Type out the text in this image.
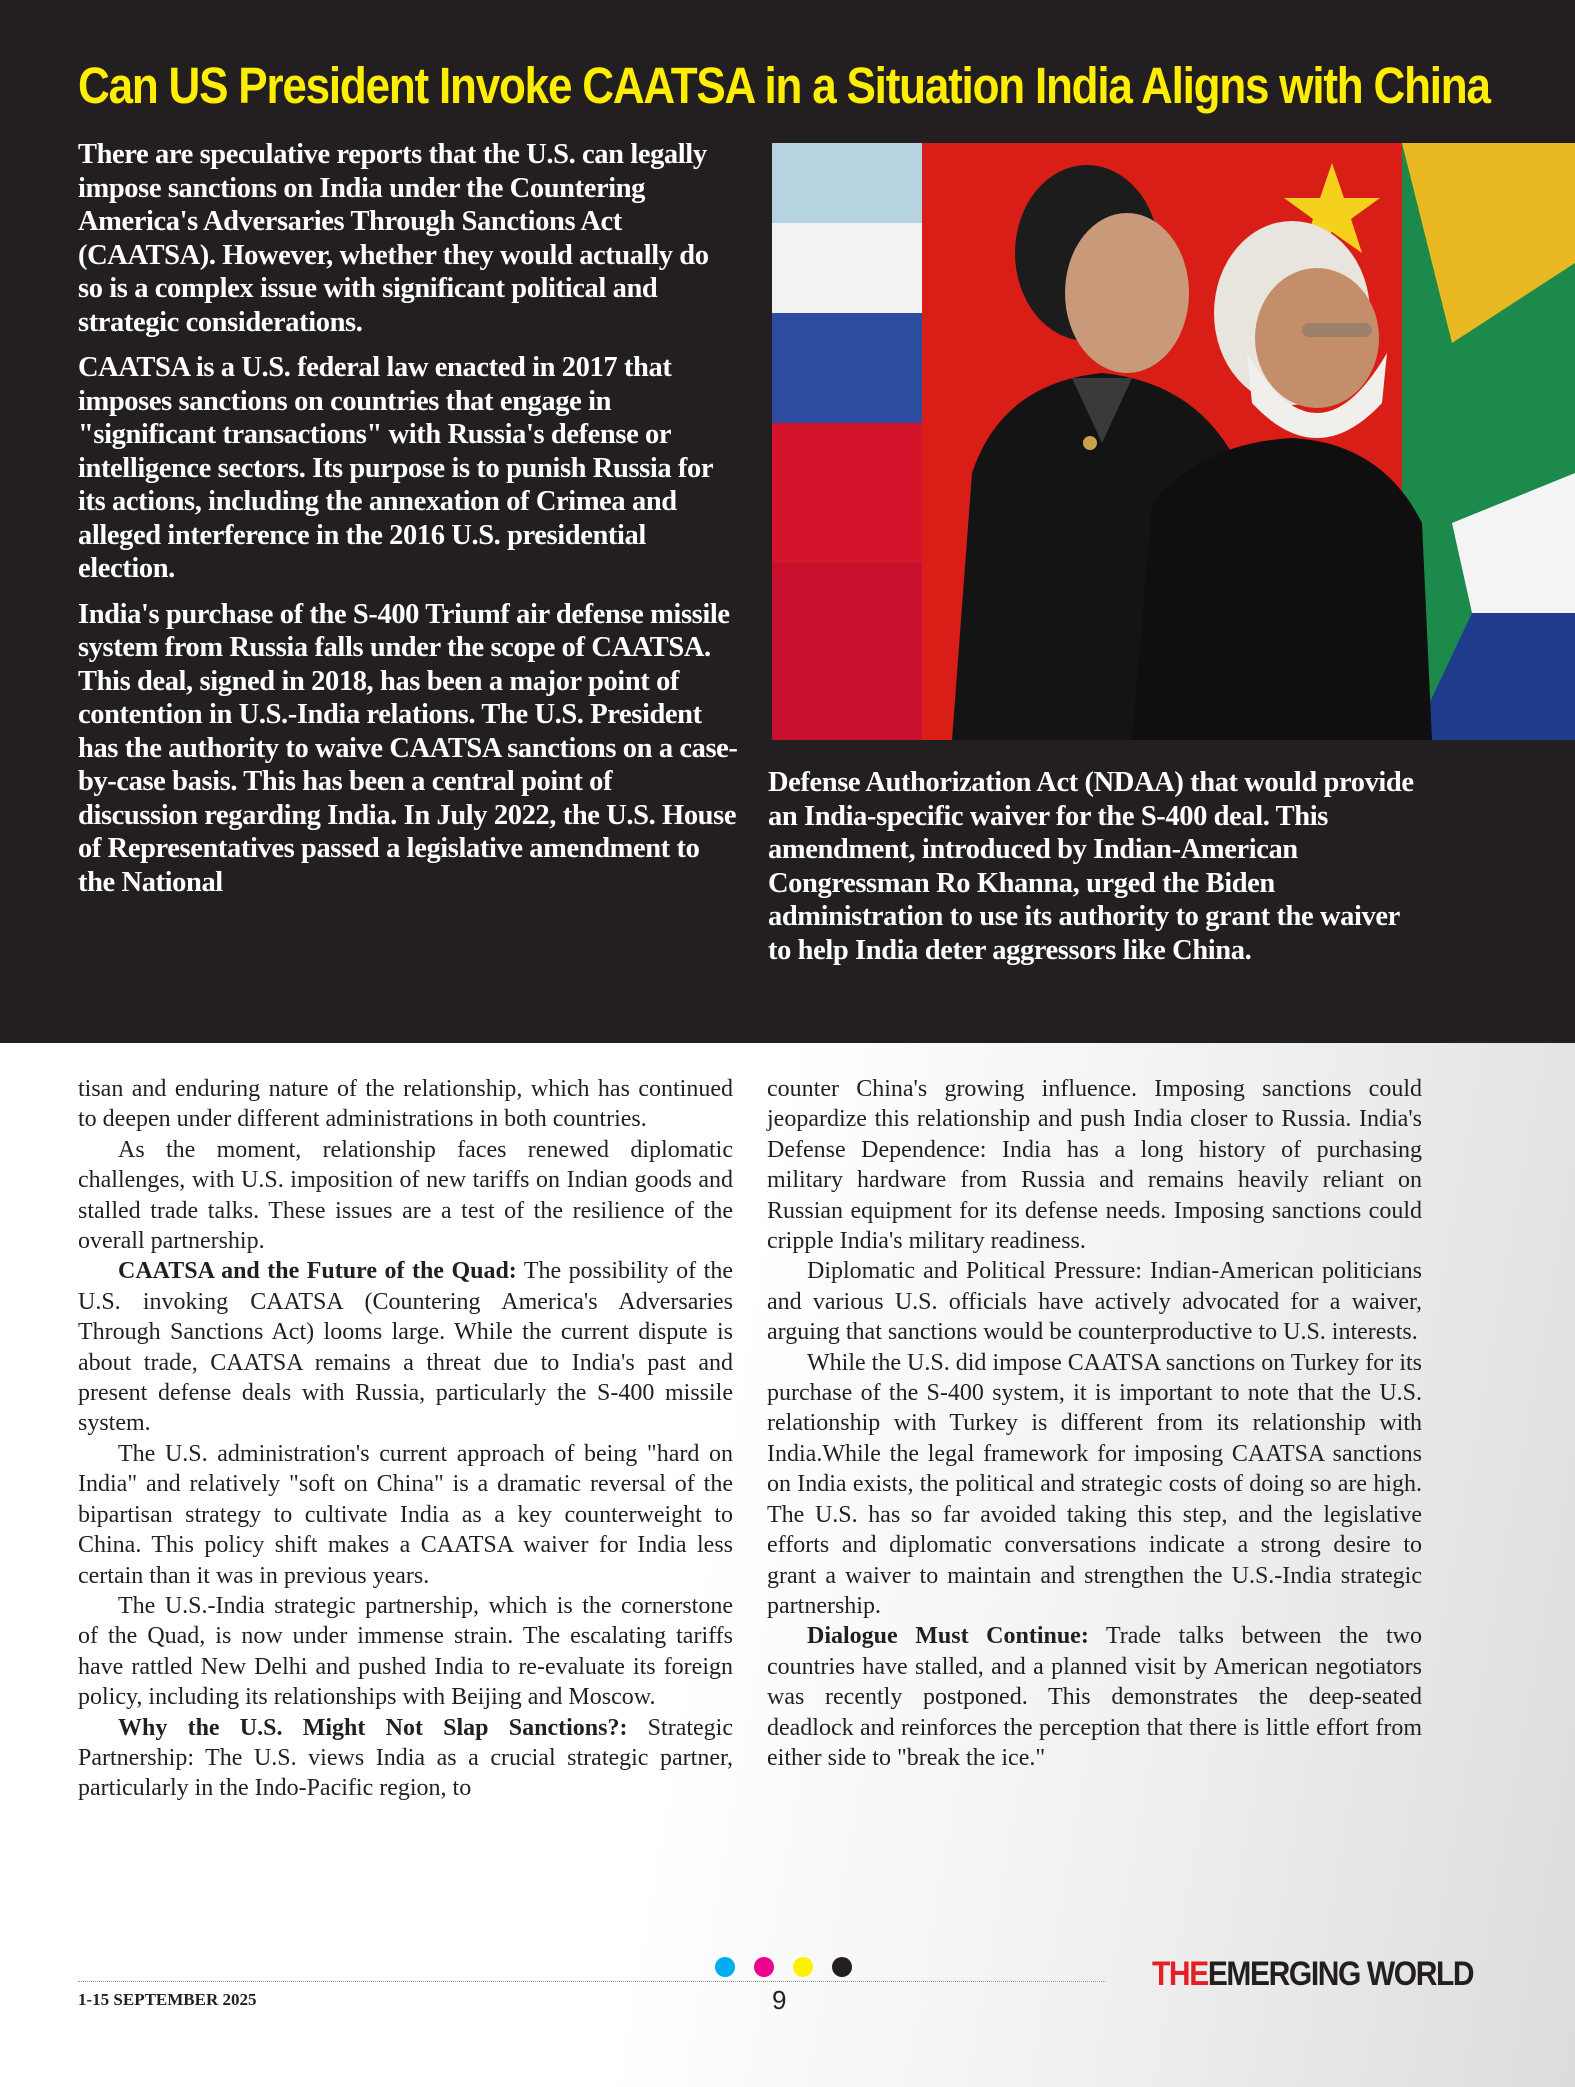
Can US President Invoke CAATSA in a Situation India Aligns with China

There are speculative reports that the U.S. can legally impose sanctions on India under the Countering America's Adversaries Through Sanctions Act (CAATSA). However, whether they would actually do so is a complex issue with significant political and strategic considerations.

CAATSA is a U.S. federal law enacted in 2017 that imposes sanctions on countries that engage in "significant transactions" with Russia's defense or intelligence sectors. Its purpose is to punish Russia for its actions, including the annexation of Crimea and alleged interference in the 2016 U.S. presidential election.

India's purchase of the S-400 Triumf air defense missile system from Russia falls under the scope of CAATSA. This deal, signed in 2018, has been a major point of contention in U.S.-India relations. The U.S. President has the authority to waive CAATSA sanctions on a case-by-case basis. This has been a central point of discussion regarding India. In July 2022, the U.S. House of Representatives passed a legislative amendment to the National

Defense Authorization Act (NDAA) that would provide an India-specific waiver for the S-400 deal. This amendment, introduced by Indian-American Congressman Ro Khanna, urged the Biden administration to use its authority to grant the waiver to help India deter aggressors like China.

tisan and enduring nature of the relationship, which has continued to deepen under different administrations in both countries.

As the moment, relationship faces renewed diplomatic challenges, with U.S. imposition of new tariffs on Indian goods and stalled trade talks. These issues are a test of the resilience of the overall partnership.

CAATSA and the Future of the Quad: The possibility of the U.S. invoking CAATSA (Countering America's Adversaries Through Sanctions Act) looms large. While the current dispute is about trade, CAATSA remains a threat due to India's past and present defense deals with Russia, particularly the S-400 missile system.

The U.S. administration's current approach of being "hard on India" and relatively "soft on China" is a dramatic reversal of the bipartisan strategy to cultivate India as a key counterweight to China. This policy shift makes a CAATSA waiver for India less certain than it was in previous years.

The U.S.-India strategic partnership, which is the cornerstone of the Quad, is now under immense strain. The escalating tariffs have rattled New Delhi and pushed India to re-evaluate its foreign policy, including its relationships with Beijing and Moscow.

Why the U.S. Might Not Slap Sanctions?: Strategic Partnership: The U.S. views India as a crucial strategic partner, particularly in the Indo-Pacific region, to

counter China's growing influence. Imposing sanctions could jeopardize this relationship and push India closer to Russia. India's Defense Dependence: India has a long history of purchasing military hardware from Russia and remains heavily reliant on Russian equipment for its defense needs. Imposing sanctions could cripple India's military readiness.

Diplomatic and Political Pressure: Indian-American politicians and various U.S. officials have actively advocated for a waiver, arguing that sanctions would be counterproductive to U.S. interests.

While the U.S. did impose CAATSA sanctions on Turkey for its purchase of the S-400 system, it is important to note that the U.S. relationship with Turkey is different from its relationship with India.While the legal framework for imposing CAATSA sanctions on India exists, the political and strategic costs of doing so are high. The U.S. has so far avoided taking this step, and the legislative efforts and diplomatic conversations indicate a strong desire to grant a waiver to maintain and strengthen the U.S.-India strategic partnership.

Dialogue Must Continue: Trade talks between the two countries have stalled, and a planned visit by American negotiators was recently postponed. This demonstrates the deep-seated deadlock and reinforces the perception that there is little effort from either side to "break the ice."

1-15 SEPTEMBER 2025	9
THEEMERGING WORLD
